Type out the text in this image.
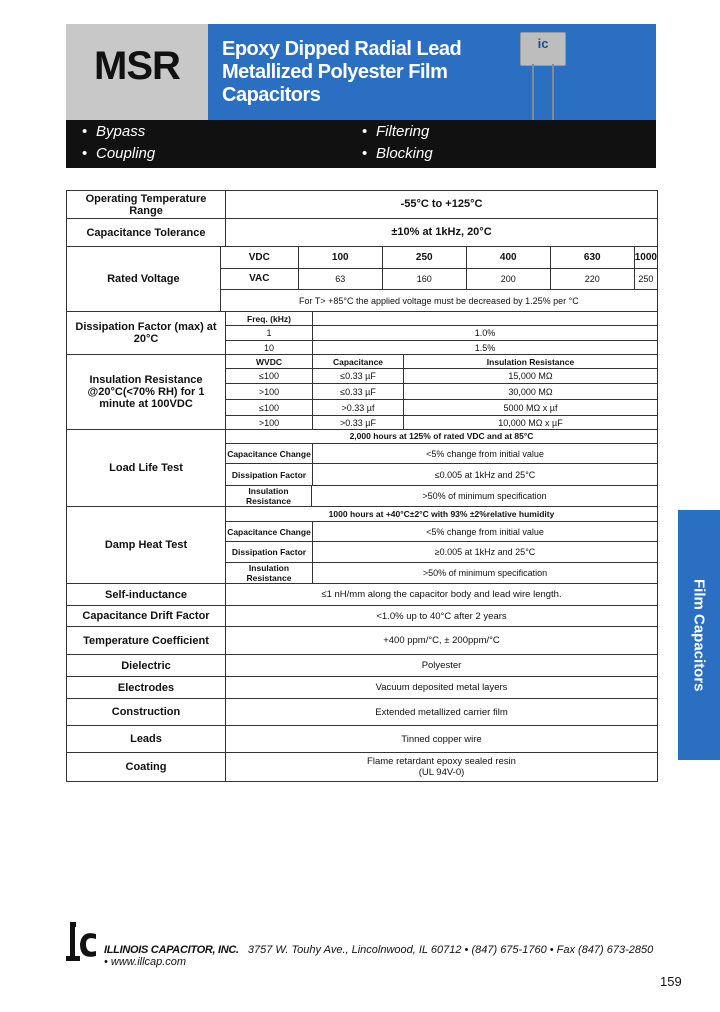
MSR	Epoxy Dipped Radial Lead
Metallized Polyester Film
Capacitors
ic
• Bypass	• Filtering
• Coupling	• Blocking
Operating Temperature Range
-55°C to +125°C
Capacitance Tolerance	±10% at 1kHz, 20°C
Rated Voltage
VDC	100	250	400	630	1000
VAC	63	160	200	220	250
For T> +85°C the applied voltage must be decreased by 1.25% per °C
Dissipation Factor (max) at 20°C
Freq. (kHz)
1	1.0%
10	1.5%
Insulation Resistance @20°C(<70% RH) for 1 minute at 100VDC
WVDC	Capacitance	Insulation Resistance
≤100	≤0.33 µF	15,000 MΩ
>100	≤0.33 µF	30,000 MΩ
≤100	>0.33 µf	5000 MΩ x µf
>100	>0.33 µF	10,000 MΩ x µF
Load Life Test
2,000 hours at 125% of rated VDC and at 85°C
Capacitance Change	<5% change from initial value
Dissipation Factor	≤0.005 at 1kHz and 25°C
Insulation Resistance	>50% of minimum specification
Damp Heat Test
1000 hours at +40°C±2°C with 93% ±2%relative humidity
Capacitance Change	<5% change from initial value
Dissipation Factor	≥0.005 at 1kHz and 25°C
Insulation Resistance	>50% of minimum specification
Self-inductance	≤1 nH/mm along the capacitor body and lead wire length.
Capacitance Drift Factor	<1.0% up to 40°C after 2 years
Temperature Coefficient	+400 ppm/°C, ± 200ppm/°C
Dielectric	Polyester
Electrodes	Vacuum deposited metal layers
Construction	Extended metallized carrier film
Leads	Tinned copper wire
Coating	Flame retardant epoxy sealed resin
(UL 94V-0)
Film Capacitors
ILLINOIS CAPACITOR, INC. 3757 W. Touhy Ave., Lincolnwood, IL 60712 • (847) 675-1760 • Fax (847) 673-2850 • www.illcap.com
159
